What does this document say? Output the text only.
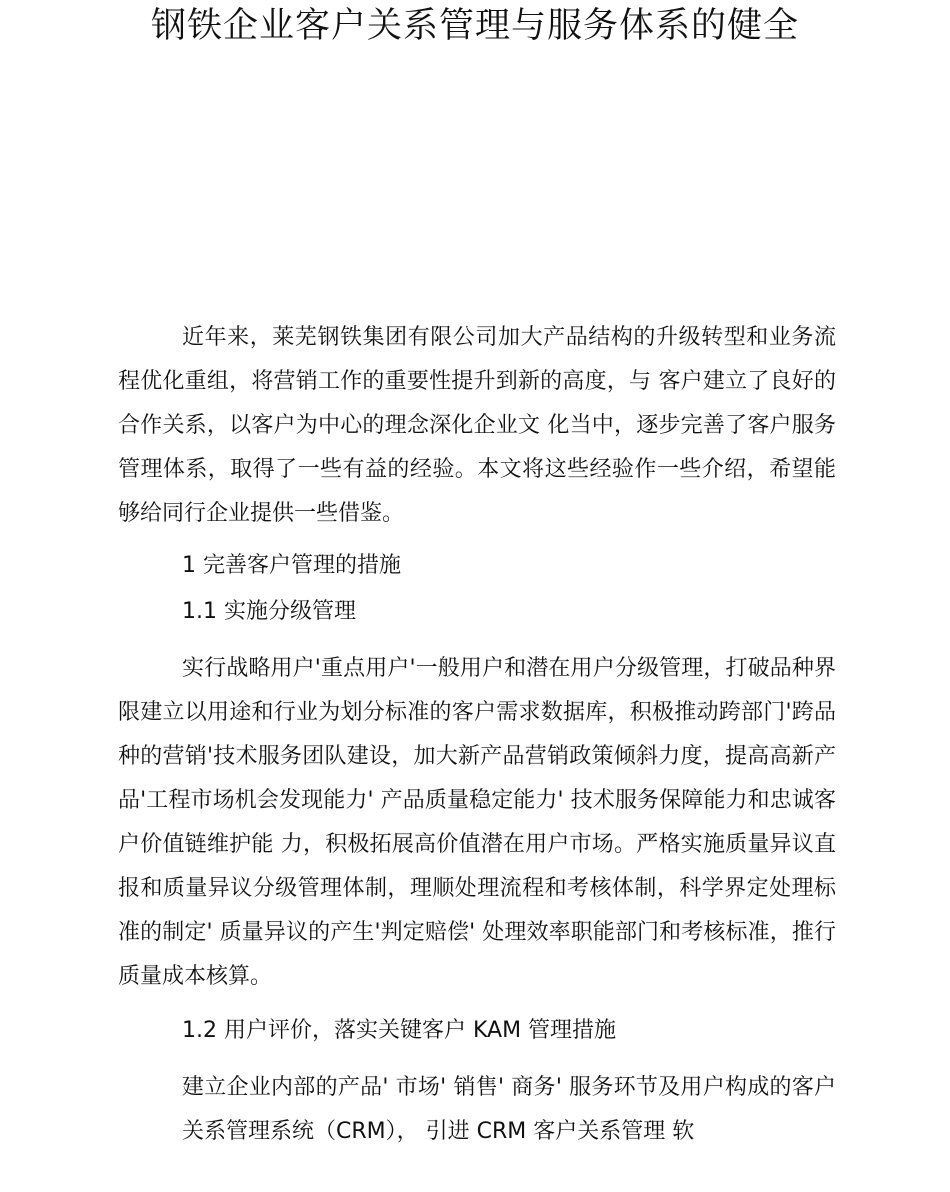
钢铁企业客户关系管理与服务体系的健全

近年来，莱芜钢铁集团有限公司加大产品结构的升级转型和业务流程优化重组，将营销工作的重要性提升到新的高度，与 客户建立了良好的合作关系，以客户为中心的理念深化企业文 化当中，逐步完善了客户服务管理体系，取得了一些有益的经验。本文将这些经验作一些介绍，希望能够给同行企业提供一些借鉴。

1 完善客户管理的措施

1.1 实施分级管理

实行战略用户'重点用户'一般用户和潜在用户分级管理，打破品种界限建立以用途和行业为划分标准的客户需求数据库，积极推动跨部门'跨品种的营销'技术服务团队建设，加大新产品营销政策倾斜力度，提高高新产品'工程市场机会发现能力' 产品质量稳定能力' 技术服务保障能力和忠诚客户价值链维护能 力，积极拓展高价值潜在用户市场。严格实施质量异议直报和质量异议分级管理体制，理顺处理流程和考核体制，科学界定处理标准的制定' 质量异议的产生'判定赔偿' 处理效率职能部门和考核标准，推行质量成本核算。

1.2 用户评价，落实关键客户 KAM 管理措施

建立企业内部的产品' 市场' 销售' 商务' 服务环节及用户构成的客户关系管理系统（CRM）， 引进 CRM 客户关系管理 软
